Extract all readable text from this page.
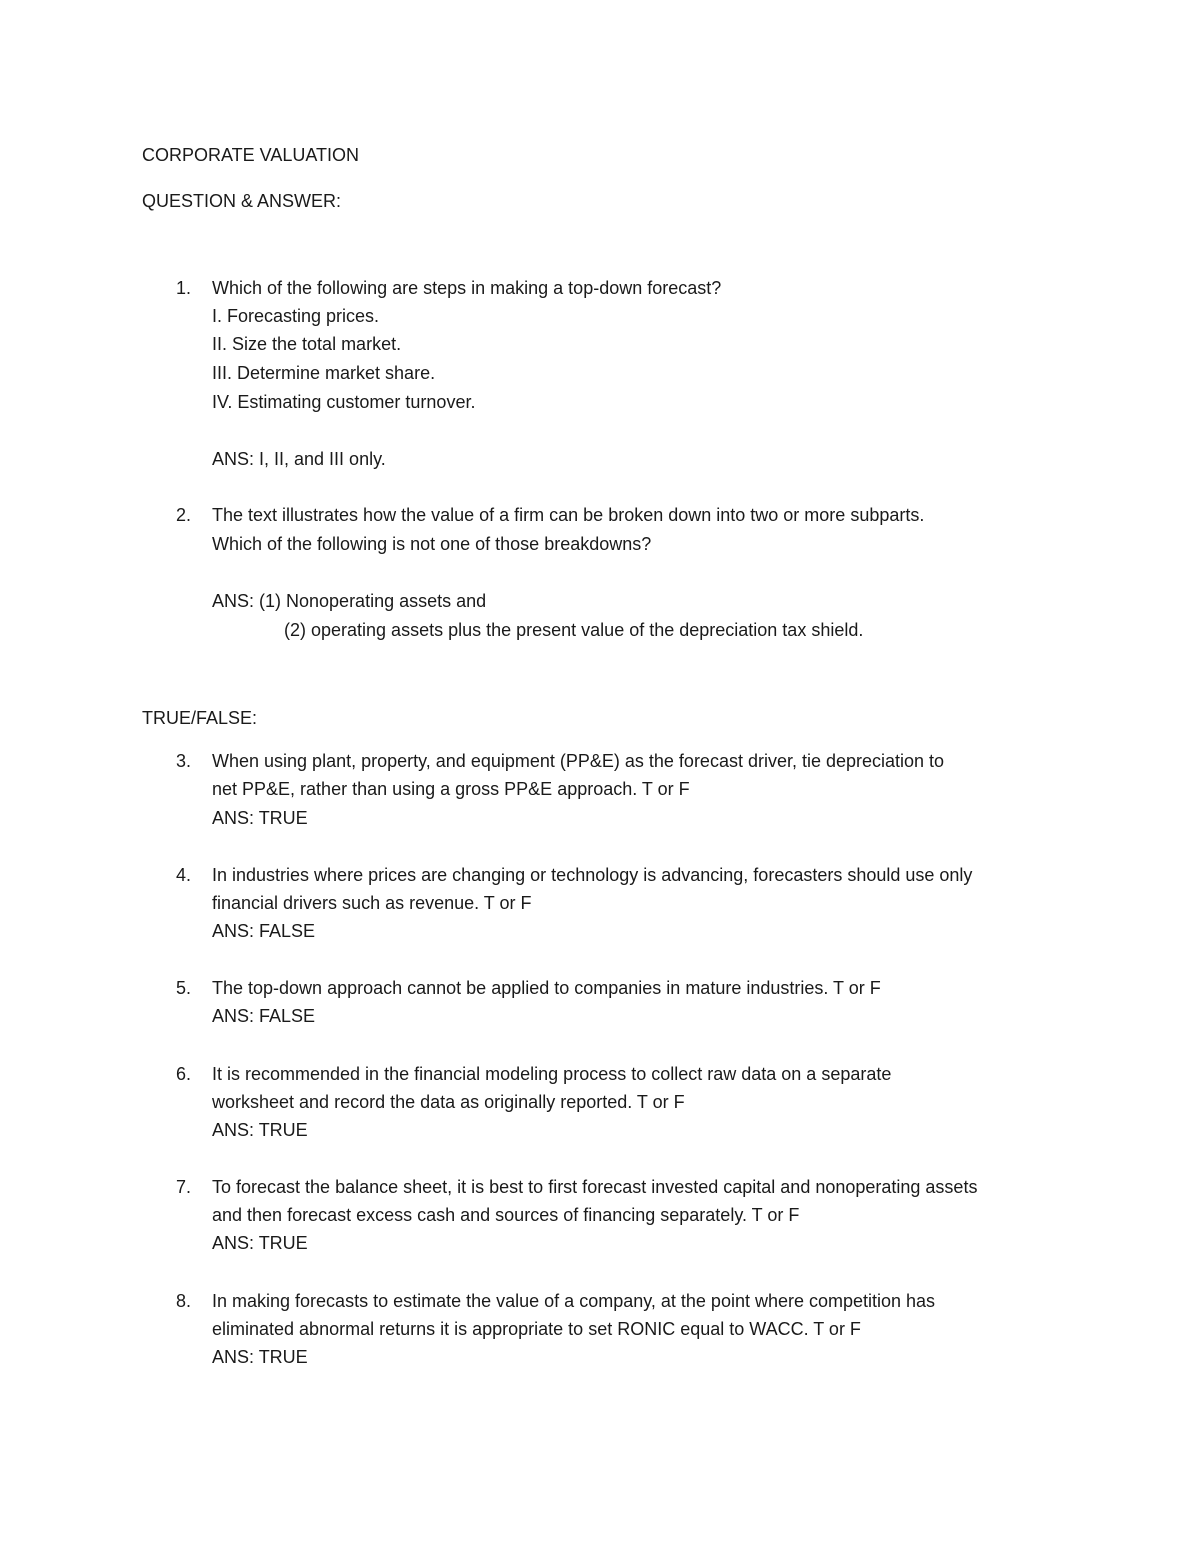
CORPORATE VALUATION
QUESTION & ANSWER:
1. Which of the following are steps in making a top-down forecast?
I. Forecasting prices.
II. Size the total market.
III. Determine market share.
IV. Estimating customer turnover.
ANS: I, II, and III only.
2. The text illustrates how the value of a firm can be broken down into two or more subparts.
Which of the following is not one of those breakdowns?
ANS: (1) Nonoperating assets and
(2) operating assets plus the present value of the depreciation tax shield.
TRUE/FALSE:
3. When using plant, property, and equipment (PP&E) as the forecast driver, tie depreciation to
net PP&E, rather than using a gross PP&E approach. T or F
ANS: TRUE
4. In industries where prices are changing or technology is advancing, forecasters should use only
financial drivers such as revenue. T or F
ANS: FALSE
5. The top-down approach cannot be applied to companies in mature industries. T or F
ANS: FALSE
6. It is recommended in the financial modeling process to collect raw data on a separate
worksheet and record the data as originally reported. T or F
ANS: TRUE
7. To forecast the balance sheet, it is best to first forecast invested capital and nonoperating assets
and then forecast excess cash and sources of financing separately. T or F
ANS: TRUE
8. In making forecasts to estimate the value of a company, at the point where competition has
eliminated abnormal returns it is appropriate to set RONIC equal to WACC. T or F
ANS: TRUE
